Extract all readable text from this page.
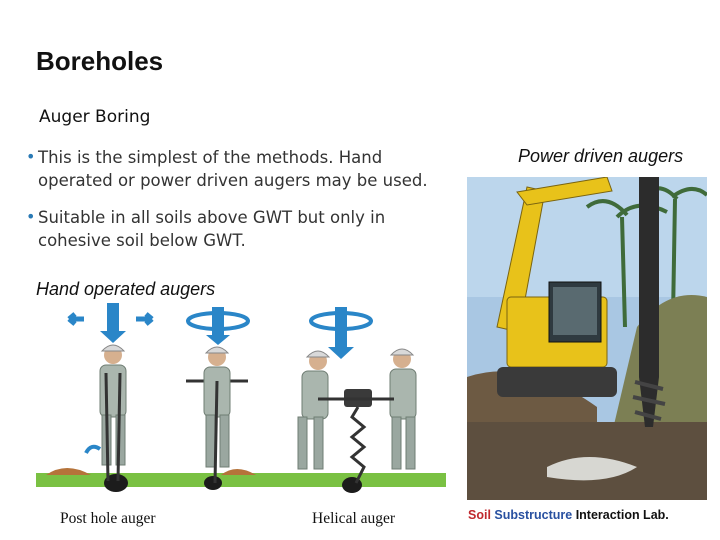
Boreholes
Auger Boring
• This is the simplest of the methods. Hand operated or power driven augers may be used.
• Suitable in all soils above GWT but only in cohesive soil below GWT.
Hand operated augers
Power driven augers
Post hole auger	Helical auger	Soil Substructure Interaction Lab.
